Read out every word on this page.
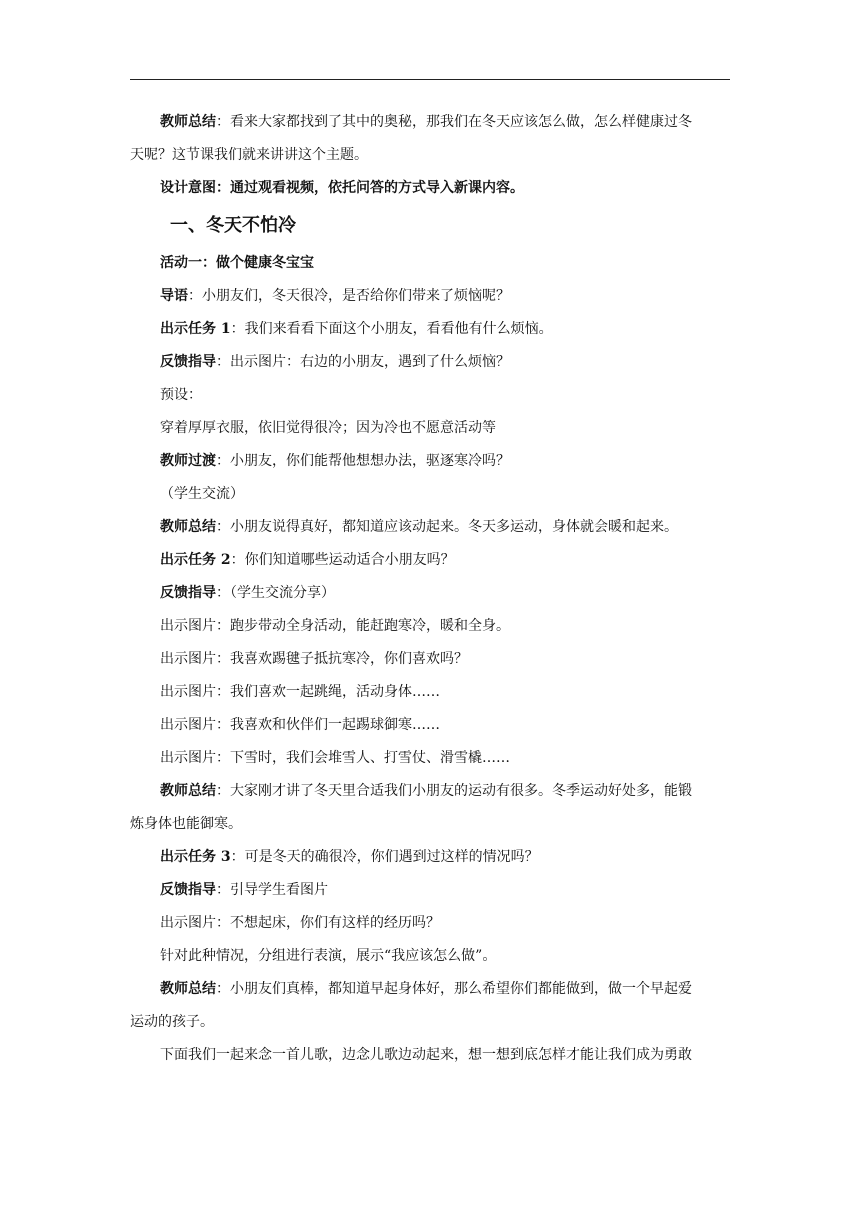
教师总结：看来大家都找到了其中的奥秘，那我们在冬天应该怎么做，怎么样健康过冬
天呢？这节课我们就来讲讲这个主题。
设计意图：通过观看视频，依托问答的方式导入新课内容。
一、冬天不怕冷
活动一：做个健康冬宝宝
导语：小朋友们，冬天很冷，是否给你们带来了烦恼呢？
出示任务 1：我们来看看下面这个小朋友，看看他有什么烦恼。
反馈指导：出示图片：右边的小朋友，遇到了什么烦恼？
预设：
穿着厚厚衣服，依旧觉得很冷；因为冷也不愿意活动等
教师过渡：小朋友，你们能帮他想想办法，驱逐寒冷吗？
（学生交流）
教师总结：小朋友说得真好，都知道应该动起来。冬天多运动，身体就会暖和起来。
出示任务 2：你们知道哪些运动适合小朋友吗？
反馈指导：（学生交流分享）
出示图片：跑步带动全身活动，能赶跑寒冷，暖和全身。
出示图片：我喜欢踢毽子抵抗寒冷，你们喜欢吗？
出示图片：我们喜欢一起跳绳，活动身体……
出示图片：我喜欢和伙伴们一起踢球御寒……
出示图片：下雪时，我们会堆雪人、打雪仗、滑雪橇……
教师总结：大家刚才讲了冬天里合适我们小朋友的运动有很多。冬季运动好处多，能锻
炼身体也能御寒。
出示任务 3：可是冬天的确很冷，你们遇到过这样的情况吗？
反馈指导：引导学生看图片
出示图片：不想起床，你们有这样的经历吗？
针对此种情况，分组进行表演，展示“我应该怎么做”。
教师总结：小朋友们真棒，都知道早起身体好，那么希望你们都能做到，做一个早起爱
运动的孩子。
下面我们一起来念一首儿歌，边念儿歌边动起来，想一想到底怎样才能让我们成为勇敢
